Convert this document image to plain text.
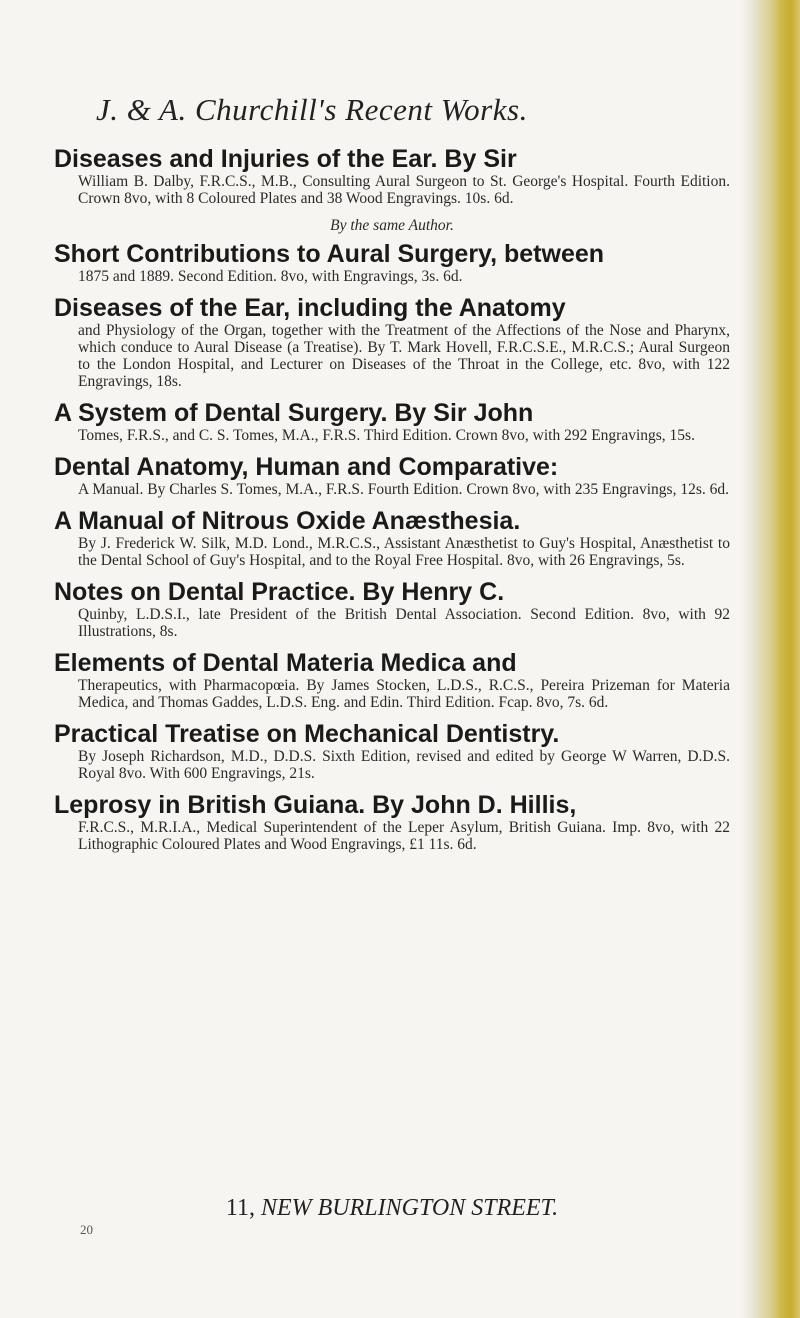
J. & A. Churchill's Recent Works.
Diseases and Injuries of the Ear. By Sir
William B. Dalby, F.R.C.S., M.B., Consulting Aural Surgeon to St. George's Hospital. Fourth Edition. Crown 8vo, with 8 Coloured Plates and 38 Wood Engravings. 10s. 6d.
By the same Author.
Short Contributions to Aural Surgery, between
1875 and 1889. Second Edition. 8vo, with Engravings, 3s. 6d.
Diseases of the Ear, including the Anatomy
and Physiology of the Organ, together with the Treatment of the Affections of the Nose and Pharynx, which conduce to Aural Disease (a Treatise). By T. Mark Hovell, F.R.C.S.E., M.R.C.S.; Aural Surgeon to the London Hospital, and Lecturer on Diseases of the Throat in the College, etc. 8vo, with 122 Engravings, 18s.
A System of Dental Surgery. By Sir John
Tomes, F.R.S., and C. S. Tomes, M.A., F.R.S. Third Edition. Crown 8vo, with 292 Engravings, 15s.
Dental Anatomy, Human and Comparative:
A Manual. By Charles S. Tomes, M.A., F.R.S. Fourth Edition. Crown 8vo, with 235 Engravings, 12s. 6d.
A Manual of Nitrous Oxide Anæsthesia.
By J. Frederick W. Silk, M.D. Lond., M.R.C.S., Assistant Anæsthetist to Guy's Hospital, Anæsthetist to the Dental School of Guy's Hospital, and to the Royal Free Hospital. 8vo, with 26 Engravings, 5s.
Notes on Dental Practice. By Henry C.
Quinby, L.D.S.I., late President of the British Dental Association. Second Edition. 8vo, with 92 Illustrations, 8s.
Elements of Dental Materia Medica and
Therapeutics, with Pharmacopœia. By James Stocken, L.D.S., R.C.S., Pereira Prizeman for Materia Medica, and Thomas Gaddes, L.D.S. Eng. and Edin. Third Edition. Fcap. 8vo, 7s. 6d.
Practical Treatise on Mechanical Dentistry.
By Joseph Richardson, M.D., D.D.S. Sixth Edition, revised and edited by George W Warren, D.D.S. Royal 8vo. With 600 Engravings, 21s.
Leprosy in British Guiana. By John D. Hillis,
F.R.C.S., M.R.I.A., Medical Superintendent of the Leper Asylum, British Guiana. Imp. 8vo, with 22 Lithographic Coloured Plates and Wood Engravings, £1 11s. 6d.
11, NEW BURLINGTON STREET.
20
